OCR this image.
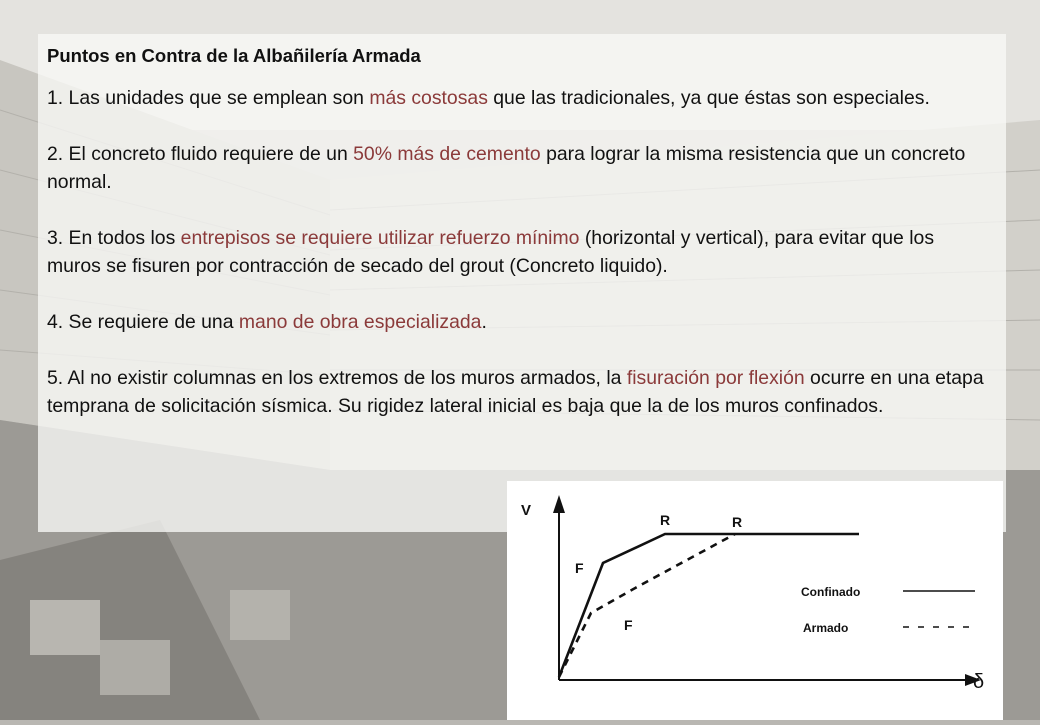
Puntos en Contra de la Albañilería Armada
1. Las unidades que se emplean son más costosas que las tradicionales, ya que éstas son especiales.
2. El concreto fluido requiere de un 50% más de cemento para lograr la misma resistencia que un concreto normal.
3. En todos los entrepisos se requiere utilizar refuerzo mínimo (horizontal y vertical), para evitar que los muros se fisuren por contracción de secado del grout (Concreto liquido).
4. Se requiere de una mano de obra especializada.
5. Al no existir columnas en los extremos de los muros armados, la fisuración por flexión ocurre en una etapa temprana de solicitación sísmica. Su rigidez lateral inicial es baja que la de los muros confinados.
V
δ
R	R
F
F
Confinado
Armado
